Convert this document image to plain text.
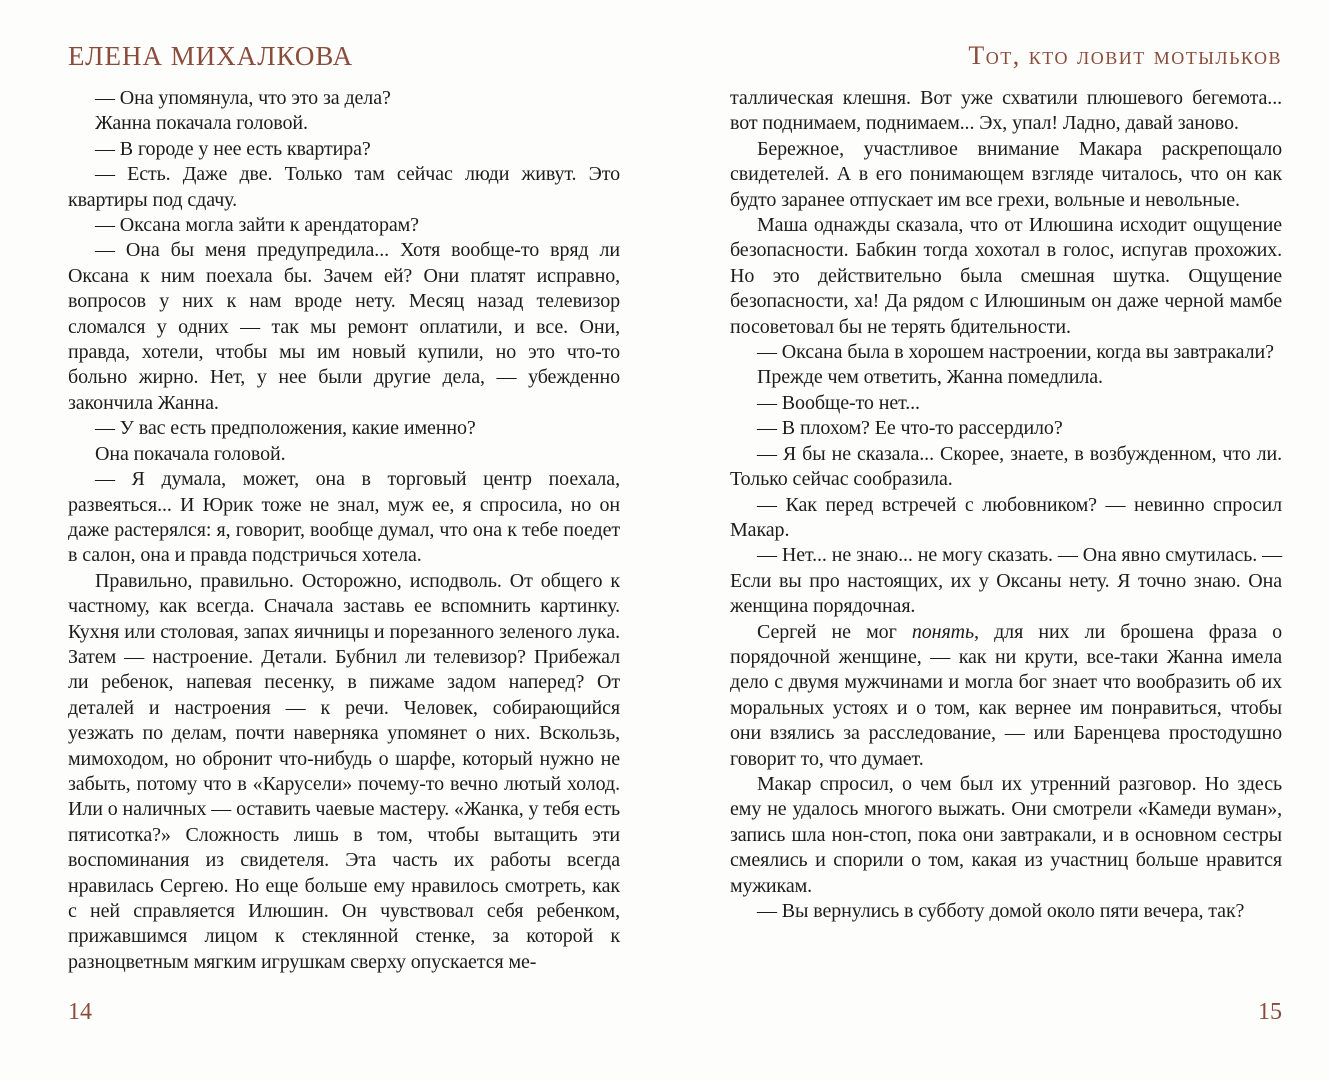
ЕЛЕНА МИХАЛКОВА

— Она упомянула, что это за дела?

Жанна покачала головой.

— В городе у нее есть квартира?

— Есть. Даже две. Только там сейчас люди живут. Это квартиры под сдачу.

— Оксана могла зайти к арендаторам?

— Она бы меня предупредила... Хотя вообще-то вряд ли Оксана к ним поехала бы. Зачем ей? Они платят исправно, вопросов у них к нам вроде нету. Месяц назад телевизор сломался у одних — так мы ремонт оплатили, и все. Они, правда, хотели, чтобы мы им новый купили, но это что-то больно жирно. Нет, у нее были другие дела, — убежденно закончила Жанна.

— У вас есть предположения, какие именно?

Она покачала головой.

— Я думала, может, она в торговый центр поехала, развеяться... И Юрик тоже не знал, муж ее, я спросила, но он даже растерялся: я, говорит, вообще думал, что она к тебе поедет в салон, она и правда подстричься хотела.

Правильно, правильно. Осторожно, исподволь. От общего к частному, как всегда. Сначала заставь ее вспомнить картинку. Кухня или столовая, запах яичницы и порезанного зеленого лука. Затем — настроение. Детали. Бубнил ли телевизор? Прибежал ли ребенок, напевая песенку, в пижаме задом наперед? От деталей и настроения — к речи. Человек, собирающийся уезжать по делам, почти наверняка упомянет о них. Вскользь, мимоходом, но обронит что-нибудь о шарфе, который нужно не забыть, потому что в «Карусели» почему-то вечно лютый холод. Или о наличных — оставить чаевые мастеру. «Жанка, у тебя есть пятисотка?» Сложность лишь в том, чтобы вытащить эти воспоминания из свидетеля. Эта часть их работы всегда нравилась Сергею. Но еще больше ему нравилось смотреть, как с ней справляется Илюшин. Он чувствовал себя ребенком, прижавшимся лицом к стеклянной стенке, за которой к разноцветным мягким игрушкам сверху опускается ме-

14
Тот, кто ловит мотыльков

таллическая клешня. Вот уже схватили плюшевого бегемота... вот поднимаем, поднимаем... Эх, упал! Ладно, давай заново.

Бережное, участливое внимание Макара раскрепощало свидетелей. А в его понимающем взгляде читалось, что он как будто заранее отпускает им все грехи, вольные и невольные.

Маша однажды сказала, что от Илюшина исходит ощущение безопасности. Бабкин тогда хохотал в голос, испугав прохожих. Но это действительно была смешная шутка. Ощущение безопасности, ха! Да рядом с Илюшиным он даже черной мамбе посоветовал бы не терять бдительности.

— Оксана была в хорошем настроении, когда вы завтракали?

Прежде чем ответить, Жанна помедлила.

— Вообще-то нет...

— В плохом? Ее что-то рассердило?

— Я бы не сказала... Скорее, знаете, в возбужденном, что ли. Только сейчас сообразила.

— Как перед встречей с любовником? — невинно спросил Макар.

— Нет... не знаю... не могу сказать. — Она явно смутилась. — Если вы про настоящих, их у Оксаны нету. Я точно знаю. Она женщина порядочная.

Сергей не мог понять, для них ли брошена фраза о порядочной женщине, — как ни крути, все-таки Жанна имела дело с двумя мужчинами и могла бог знает что вообразить об их моральных устоях и о том, как вернее им понравиться, чтобы они взялись за расследование, — или Баренцева простодушно говорит то, что думает.

Макар спросил, о чем был их утренний разговор. Но здесь ему не удалось многого выжать. Они смотрели «Камеди вуман», запись шла нон-стоп, пока они завтракали, и в основном сестры смеялись и спорили о том, какая из участниц больше нравится мужикам.

— Вы вернулись в субботу домой около пяти вечера, так?

15
